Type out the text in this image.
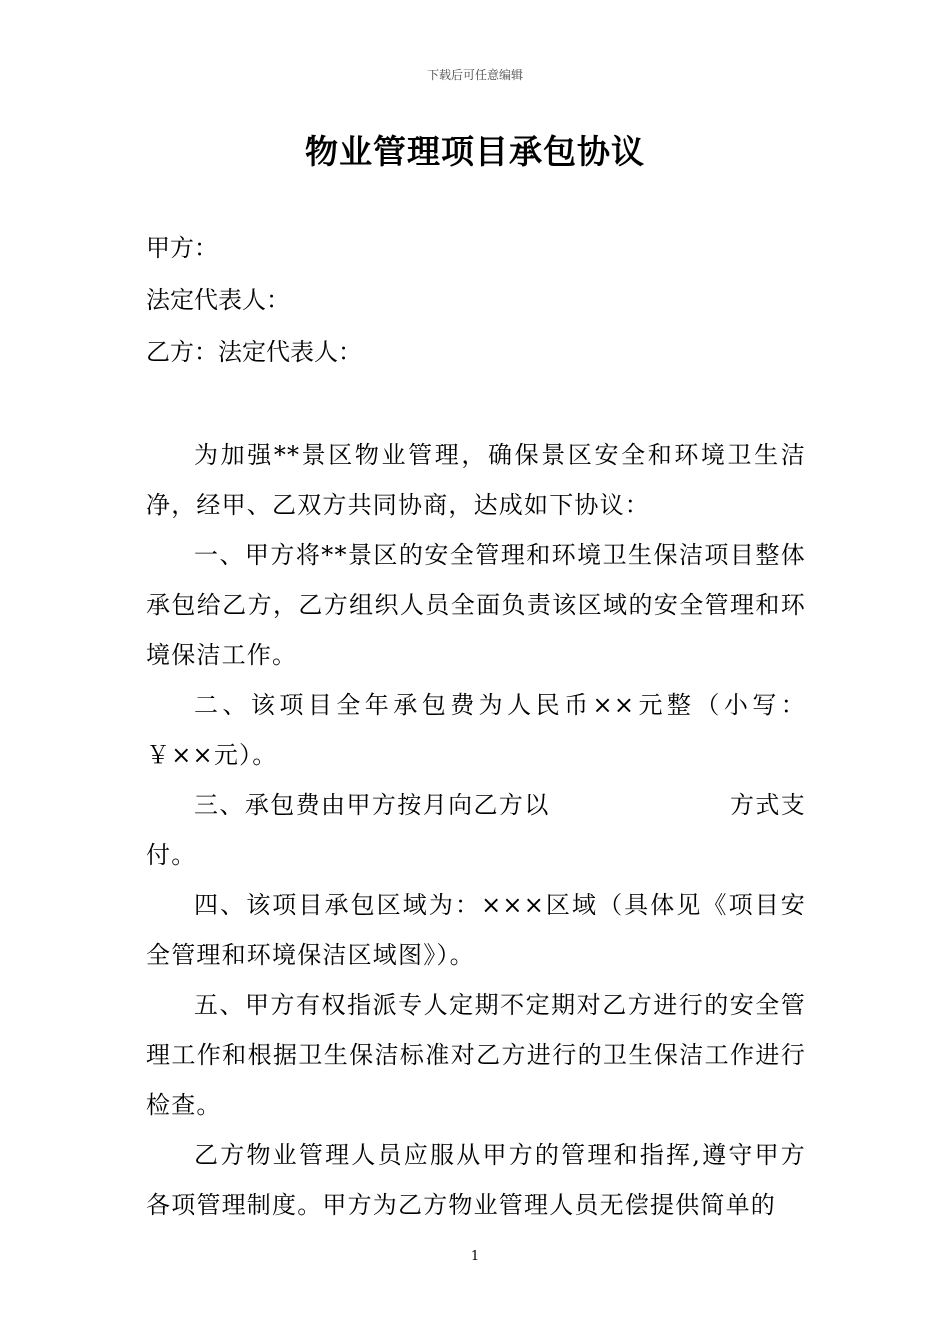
下载后可任意编辑
物业管理项目承包协议
甲方：
法定代表人：
乙方：法定代表人：

为加强**景区物业管理，确保景区安全和环境卫生洁净，经甲、乙双方共同协商，达成如下协议：

一、甲方将**景区的安全管理和环境卫生保洁项目整体承包给乙方，乙方组织人员全面负责该区域的安全管理和环境保洁工作。

二、该项目全年承包费为人民币××元整（小写：￥××元）。

三、承包费由甲方按月向乙方以	方式支付。

四、该项目承包区域为：×××区域（具体见《项目安全管理和环境保洁区域图》）。

五、甲方有权指派专人定期不定期对乙方进行的安全管理工作和根据卫生保洁标准对乙方进行的卫生保洁工作进行检查。

乙方物业管理人员应服从甲方的管理和指挥,遵守甲方各项管理制度。甲方为乙方物业管理人员无偿提供简单的

1
